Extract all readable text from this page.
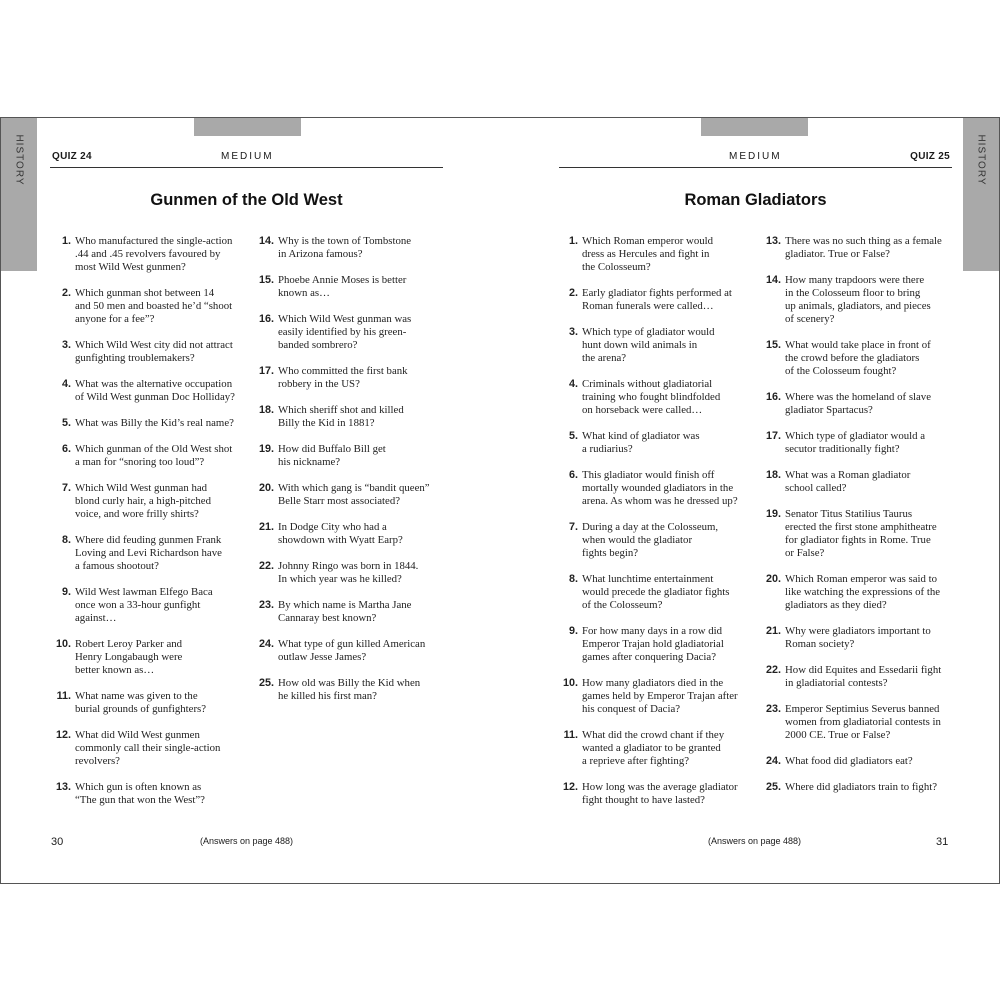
HISTORY	HISTORY
QUIZ 24	MEDIUM	MEDIUM	QUIZ 25
Gunmen of the Old West	Roman Gladiators
1. Who manufactured the single-action
.44 and .45 revolvers favoured by
most Wild West gunmen?
2. Which gunman shot between 14
and 50 men and boasted he’d “shoot
anyone for a fee”?
3. Which Wild West city did not attract
gunfighting troublemakers?
4. What was the alternative occupation
of Wild West gunman Doc Holliday?
5. What was Billy the Kid’s real name?
6. Which gunman of the Old West shot
a man for “snoring too loud”?
7. Which Wild West gunman had
blond curly hair, a high-pitched
voice, and wore frilly shirts?
8. Where did feuding gunmen Frank
Loving and Levi Richardson have
a famous shootout?
9. Wild West lawman Elfego Baca
once won a 33-hour gunfight
against…
10. Robert Leroy Parker and
Henry Longabaugh were
better known as…
11. What name was given to the
burial grounds of gunfighters?
12. What did Wild West gunmen
commonly call their single-action
revolvers?
13. Which gun is often known as
“The gun that won the West”?
14. Why is the town of Tombstone
in Arizona famous?
15. Phoebe Annie Moses is better
known as…
16. Which Wild West gunman was
easily identified by his green-
banded sombrero?
17. Who committed the first bank
robbery in the US?
18. Which sheriff shot and killed
Billy the Kid in 1881?
19. How did Buffalo Bill get
his nickname?
20. With which gang is “bandit queen”
Belle Starr most associated?
21. In Dodge City who had a
showdown with Wyatt Earp?
22. Johnny Ringo was born in 1844.
In which year was he killed?
23. By which name is Martha Jane
Cannaray best known?
24. What type of gun killed American
outlaw Jesse James?
25. How old was Billy the Kid when
he killed his first man?
1. Which Roman emperor would
dress as Hercules and fight in
the Colosseum?
2. Early gladiator fights performed at
Roman funerals were called…
3. Which type of gladiator would
hunt down wild animals in
the arena?
4. Criminals without gladiatorial
training who fought blindfolded
on horseback were called…
5. What kind of gladiator was
a rudiarius?
6. This gladiator would finish off
mortally wounded gladiators in the
arena. As whom was he dressed up?
7. During a day at the Colosseum,
when would the gladiator
fights begin?
8. What lunchtime entertainment
would precede the gladiator fights
of the Colosseum?
9. For how many days in a row did
Emperor Trajan hold gladiatorial
games after conquering Dacia?
10. How many gladiators died in the
games held by Emperor Trajan after
his conquest of Dacia?
11. What did the crowd chant if they
wanted a gladiator to be granted
a reprieve after fighting?
12. How long was the average gladiator
fight thought to have lasted?
13. There was no such thing as a female
gladiator. True or False?
14. How many trapdoors were there
in the Colosseum floor to bring
up animals, gladiators, and pieces
of scenery?
15. What would take place in front of
the crowd before the gladiators
of the Colosseum fought?
16. Where was the homeland of slave
gladiator Spartacus?
17. Which type of gladiator would a
secutor traditionally fight?
18. What was a Roman gladiator
school called?
19. Senator Titus Statilius Taurus
erected the first stone amphitheatre
for gladiator fights in Rome. True
or False?
20. Which Roman emperor was said to
like watching the expressions of the
gladiators as they died?
21. Why were gladiators important to
Roman society?
22. How did Equites and Essedarii fight
in gladiatorial contests?
23. Emperor Septimius Severus banned
women from gladiatorial contests in
2000 CE. True or False?
24. What food did gladiators eat?
25. Where did gladiators train to fight?
30	(Answers on page 488)	(Answers on page 488)	31
